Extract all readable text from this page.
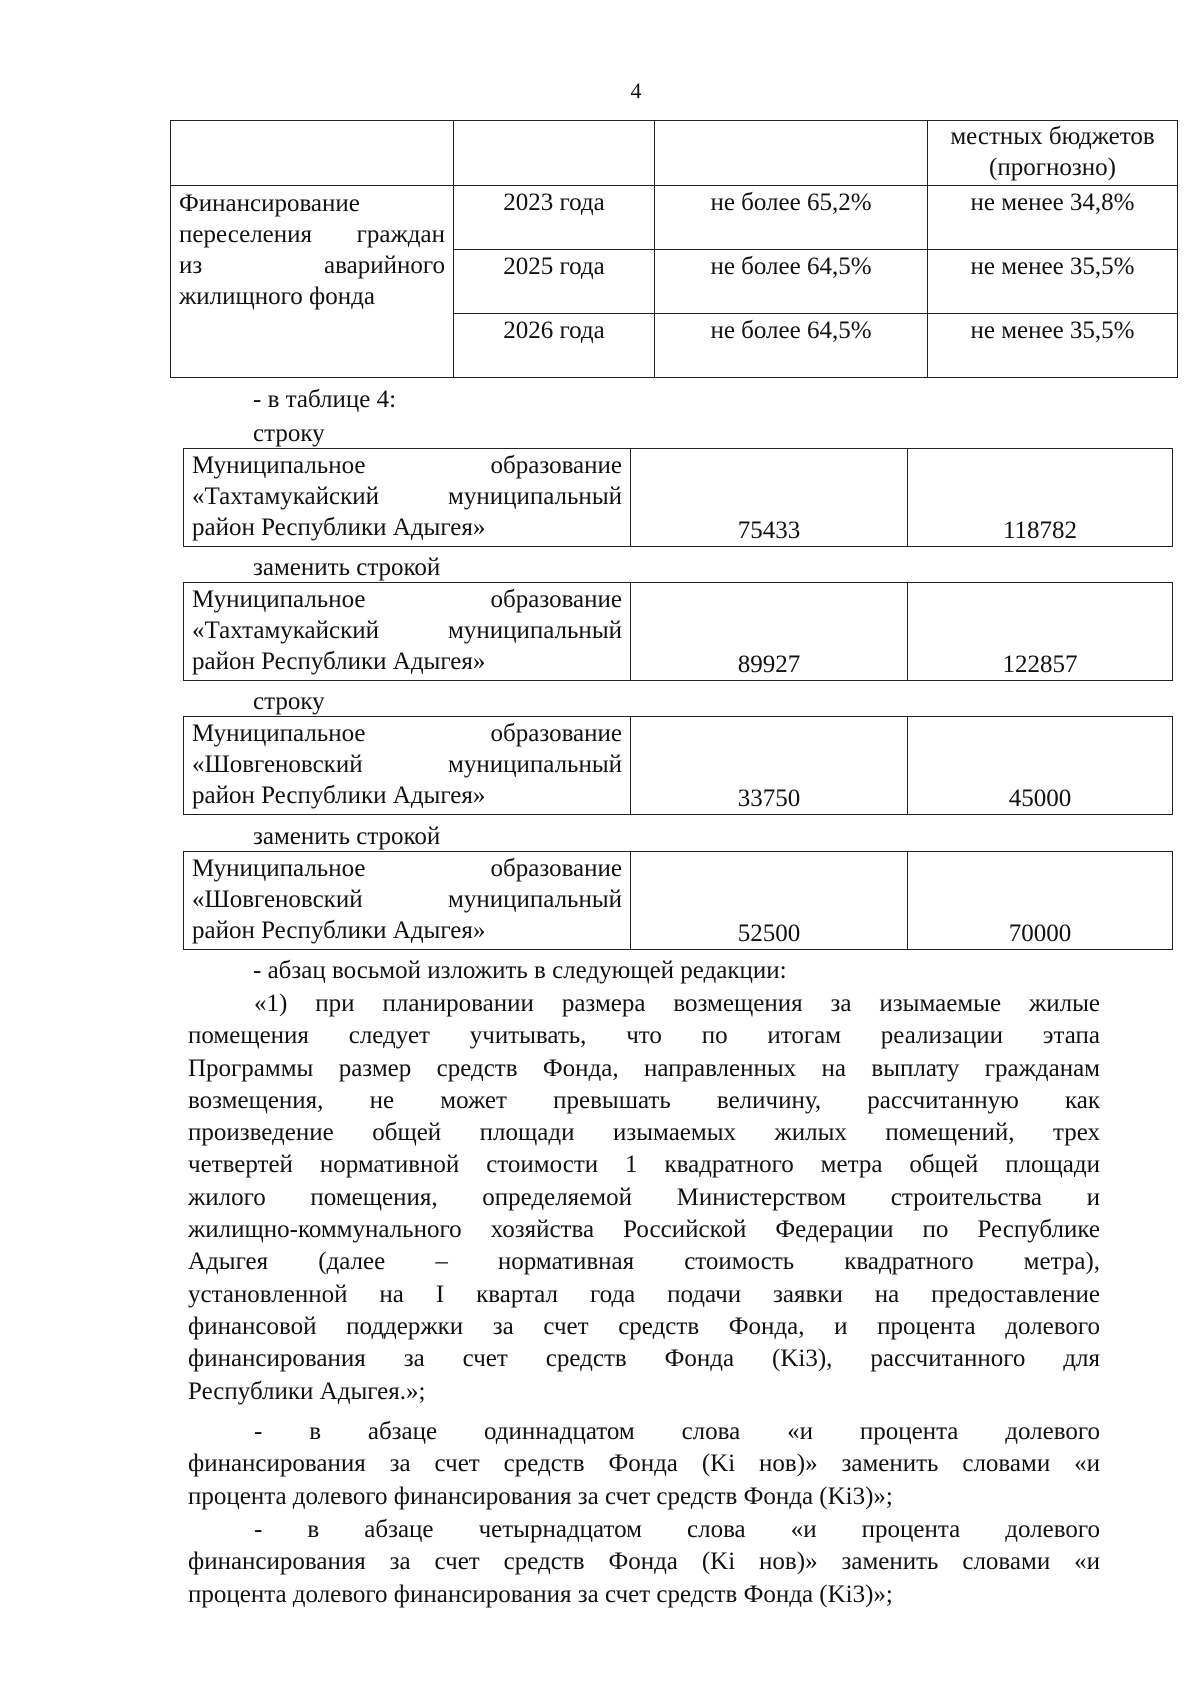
4

			местных бюджетов
(прогнозно)

Финансирование
переселения граждан
из аварийного
жилищного фонда	2023 года	не более 65,2%	не менее 34,8%
	2025 года	не более 64,5%	не менее 35,5%
	2026 года	не более 64,5%	не менее 35,5%
- в таблице 4:
строку
Муниципальное образование
«Тахтамукайский муниципальный
район Республики Адыгея»	75433	118782
заменить строкой
Муниципальное образование
«Тахтамукайский муниципальный
район Республики Адыгея»	89927	122857
строку
Муниципальное образование
«Шовгеновский муниципальный
район Республики Адыгея»	33750	45000
заменить строкой
Муниципальное образование
«Шовгеновский муниципальный
район Республики Адыгея»	52500	70000
- абзац восьмой изложить в следующей редакции:
«1) при планировании размера возмещения за изымаемые жилые
помещения следует учитывать, что по итогам реализации этапа
Программы размер средств Фонда, направленных на выплату гражданам
возмещения, не может превышать величину, рассчитанную как
произведение общей площади изымаемых жилых помещений, трех
четвертей нормативной стоимости 1 квадратного метра общей площади
жилого помещения, определяемой Министерством строительства и
жилищно-коммунального хозяйства Российской Федерации по Республике
Адыгея (далее – нормативная стоимость квадратного метра),
установленной на I квартал года подачи заявки на предоставление
финансовой поддержки за счет средств Фонда, и процента долевого
финансирования за счет средств Фонда (Ki3), рассчитанного для
Республики Адыгея.»;
- в абзаце одиннадцатом слова «и процента долевого
финансирования за счет средств Фонда (Ki нов)» заменить словами «и
процента долевого финансирования за счет средств Фонда (Ki3)»;
- в абзаце четырнадцатом слова «и процента долевого
финансирования за счет средств Фонда (Ki нов)» заменить словами «и
процента долевого финансирования за счет средств Фонда (Ki3)»;
